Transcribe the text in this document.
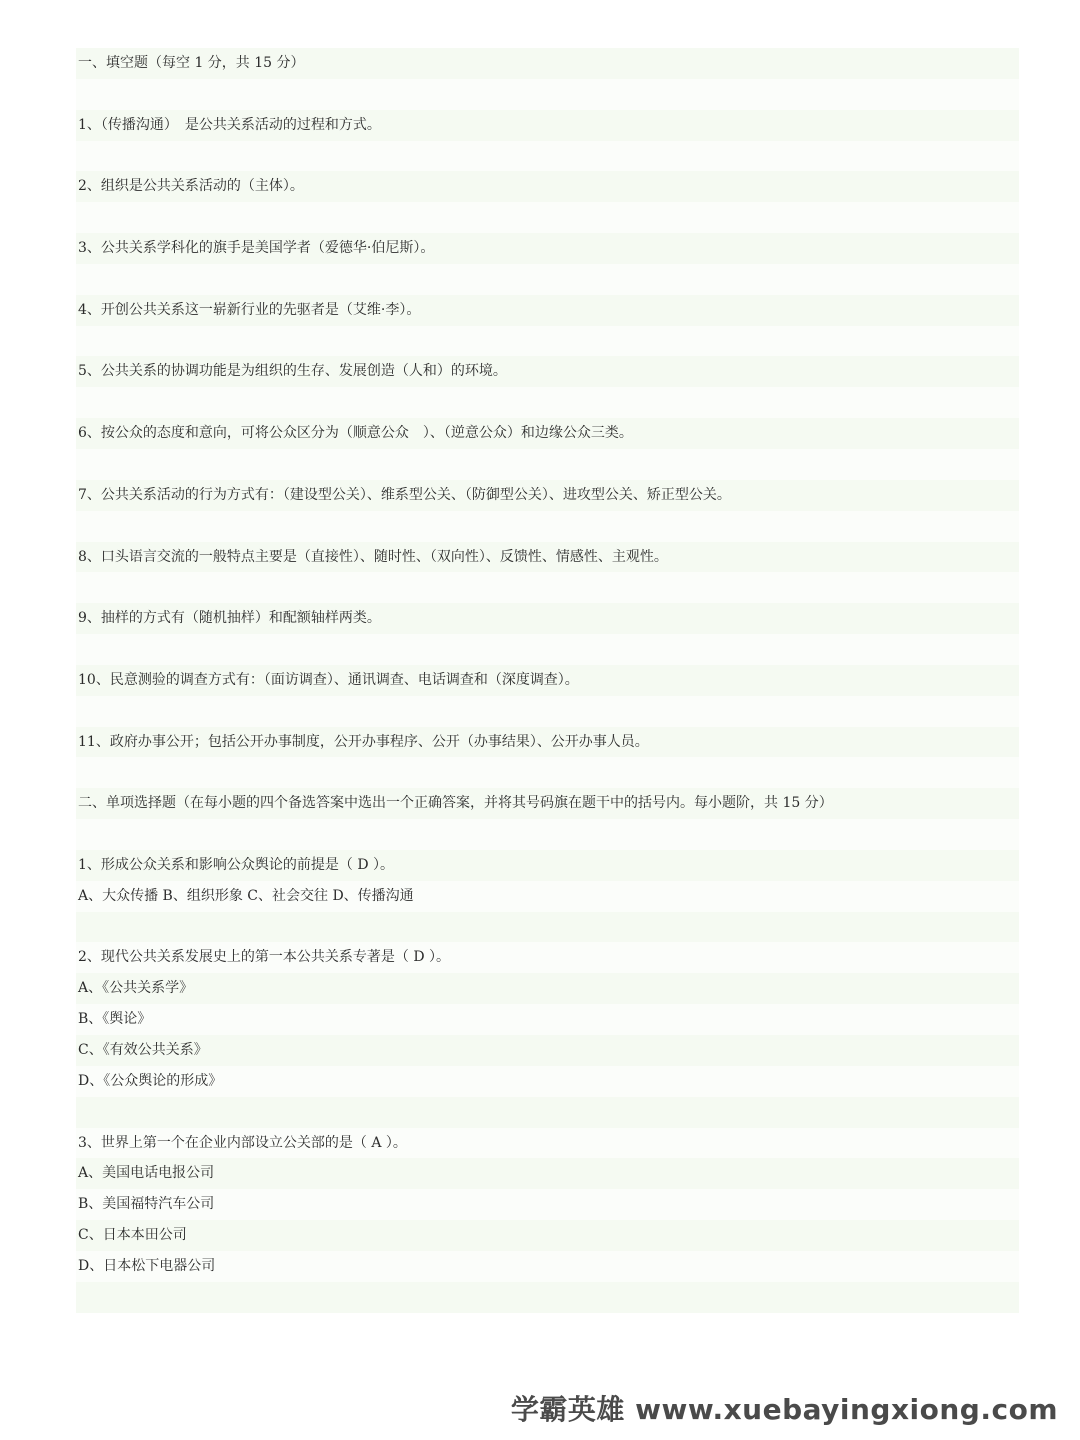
一、填空题（每空 1 分，共 15 分）
1、（传播沟通）　是公共关系活动的过程和方式。
2、组织是公共关系活动的（主体）。
3、公共关系学科化的旗手是美国学者（爱德华·伯尼斯）。
4、开创公共关系这一崭新行业的先驱者是（艾维·李）。
5、公共关系的协调功能是为组织的生存、发展创造（人和）的环境。
6、按公众的态度和意向，可将公众区分为（顺意公众　）、（逆意公众）和边缘公众三类。
7、公共关系活动的行为方式有：（建设型公关）、维系型公关、（防御型公关）、进攻型公关、矫正型公关。
8、口头语言交流的一般特点主要是（直接性）、随时性、（双向性）、反馈性、情感性、主观性。
9、抽样的方式有（随机抽样）和配额轴样两类。
10、民意测验的调查方式有：（面访调查）、通讯调查、电话调查和（深度调查）。
11、政府办事公开；包括公开办事制度，公开办事程序、公开（办事结果）、公开办事人员。
二、单项选择题（在每小题的四个备选答案中选出一个正确答案，并将其号码旗在题干中的括号内。每小题阶，共 15 分）
1、形成公众关系和影响公众舆论的前提是（ D ）。
A、大众传播 B、组织形象 C、社会交往 D、传播沟通
2、现代公共关系发展史上的第一本公共关系专著是（ D ）。
A、《公共关系学》
B、《舆论》
C、《有效公共关系》
D、《公众舆论的形成》
3、世界上第一个在企业内部设立公关部的是（ A ）。
A、美国电话电报公司
B、美国福特汽车公司
C、日本本田公司
D、日本松下电器公司
学霸英雄 www.xuebayingxiong.com
